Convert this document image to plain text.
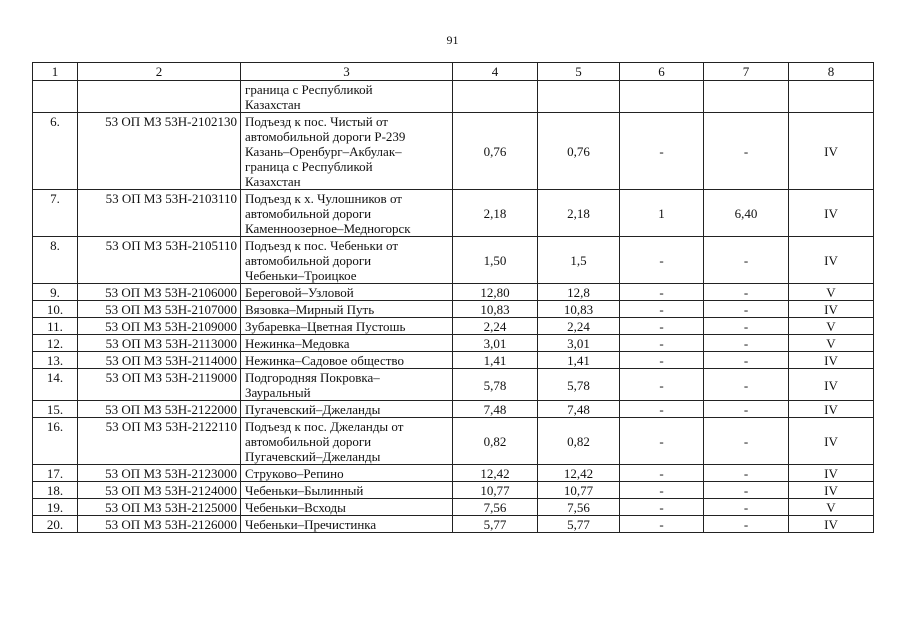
91
1	2	3	4	5	6	7	8

		граница с Республикой
Казахстан					

6.	53 ОП МЗ 53Н-2102130	Подъезд к пос. Чистый от
автомобильной дороги Р-239
Казань–Оренбург–Акбулак–
граница с Республикой
Казахстан	0,76	0,76	-	-	IV
7.	53 ОП МЗ 53Н-2103110	Подъезд к х. Чулошников от
автомобильной дороги
Каменноозерное–Медногорск	2,18	2,18	1	6,40	IV
8.	53 ОП МЗ 53Н-2105110	Подъезд к пос. Чебеньки от
автомобильной дороги
Чебеньки–Троицкое	1,50	1,5	-	-	IV
9.	53 ОП МЗ 53Н-2106000	Береговой–Узловой	12,80	12,8	-	-	V
10.	53 ОП МЗ 53Н-2107000	Вязовка–Мирный Путь	10,83	10,83	-	-	IV
11.	53 ОП МЗ 53Н-2109000	Зубаревка–Цветная Пустошь	2,24	2,24	-	-	V
12.	53 ОП МЗ 53Н-2113000	Нежинка–Медовка	3,01	3,01	-	-	V
13.	53 ОП МЗ 53Н-2114000	Нежинка–Садовое общество	1,41	1,41	-	-	IV
14.	53 ОП МЗ 53Н-2119000	Подгородняя Покровка–
Зауральный	5,78	5,78	-	-	IV
15.	53 ОП МЗ 53Н-2122000	Пугачевский–Джеланды	7,48	7,48	-	-	IV
16.	53 ОП МЗ 53Н-2122110	Подъезд к пос. Джеланды от
автомобильной дороги
Пугачевский–Джеланды	0,82	0,82	-	-	IV
17.	53 ОП МЗ 53Н-2123000	Струково–Репино	12,42	12,42	-	-	IV
18.	53 ОП МЗ 53Н-2124000	Чебеньки–Былинный	10,77	10,77	-	-	IV
19.	53 ОП МЗ 53Н-2125000	Чебеньки–Всходы	7,56	7,56	-	-	V
20.	53 ОП МЗ 53Н-2126000	Чебеньки–Пречистинка	5,77	5,77	-	-	IV
